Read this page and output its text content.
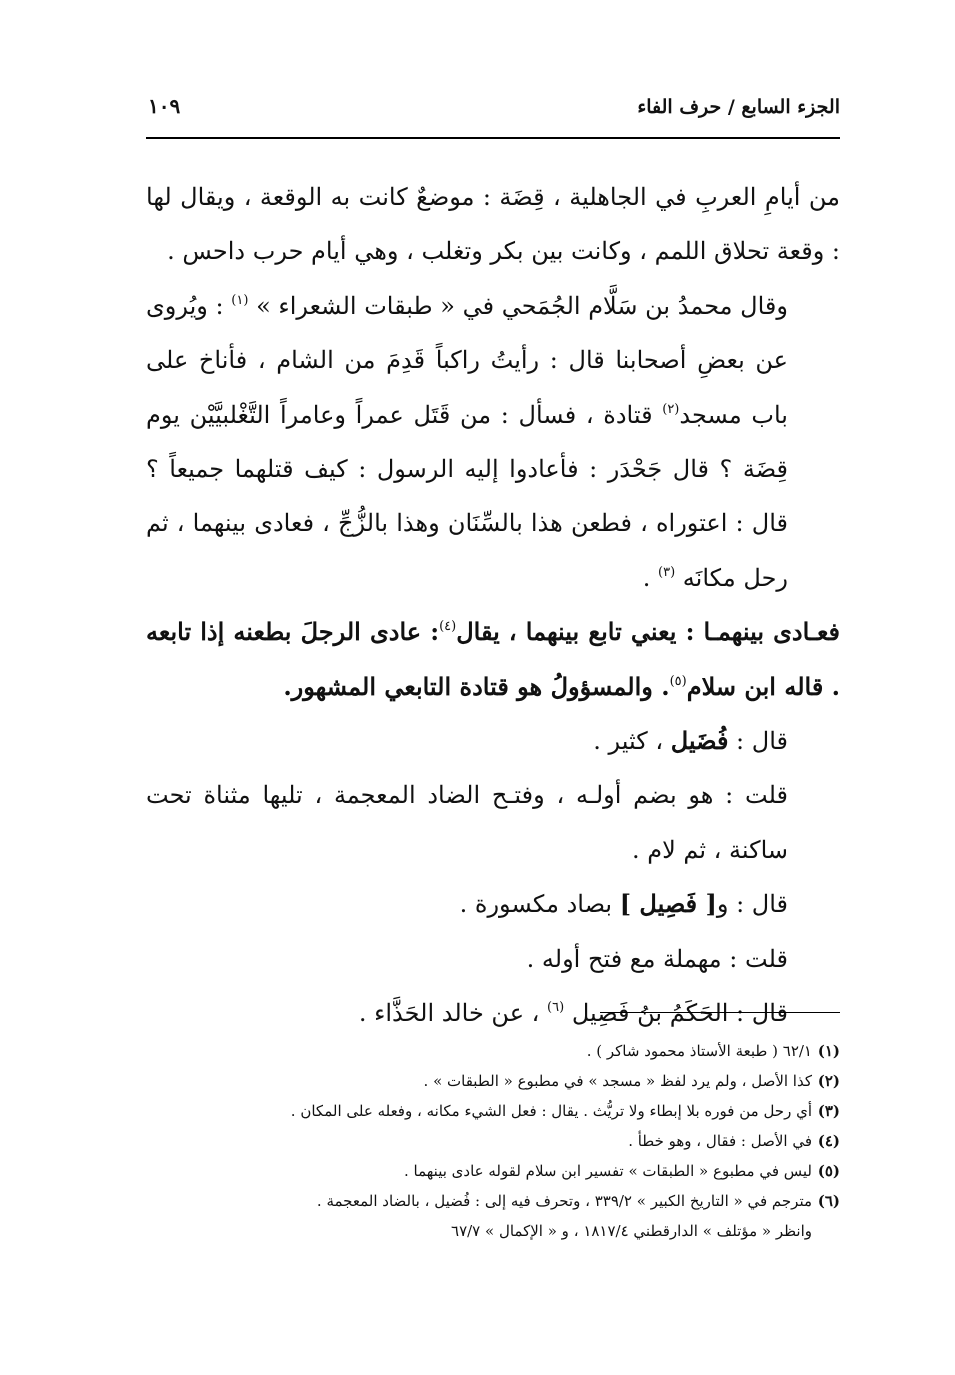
الجزء السابع / حرف الفاء
١٠٩

من أيامِ العربِ في الجاهلية ، قِضَة : موضعٌ كانت به الوقعة ، ويقال لها : وقعة تحلاق اللمم ، وكانت بين بكر وتغلب ، وهي أيام حرب داحس .

وقال محمدُ بن سَلَّام الجُمَحي في « طبقات الشعراء » $^{(١)}$ : ويُروى عن بعضِ أصحابنا قال : رأيتُ راكباً قَدِمَ من الشام ، فأناخ على باب مسجد$^{(٢)}$ قتادة ، فسأل : من قَتَل عمراً وعامراً التَّغْلبيَّيْن يوم قِضَة ؟ قال جَحْدَر : فأعادوا إليه الرسول : كيف قتلهما جميعاً ؟ قال : اعتوراه ، فطعن هذا بالسِّنَان وهذا بالزُّجِّ ، فعادى بينهما ، ثم رحل مكانَه $^{(٣)}$ .

فعـادى بينهمـا : يعني تابع بينهما ، يقال$^{(٤)}$: عادى الرجلَ بطعنه إذا تابعه . قاله ابن سلام$^{(٥)}$. والمسؤولُ هو قتادة التابعي المشهور.

قال : فُضَيل ، كثير .

قلت : هو بضم أولـه ، وفتـح الضاد المعجمة ، تليها مثناة تحت ساكنة ، ثم لام .

قال : و[ فَصِيل ] بصاد مكسورة .

قلت : مهملة مع فتح أوله .

قال : الحَكَمُ بنُ فَصِيل $^{(٦)}$ ، عن خالد الحَذَّاء .

(١)٦٢/١ ( طبعة الأستاذ محمود شاكر ) .

(٢)كذا الأصل ، ولم يرد لفظ « مسجد » في مطبوع « الطبقات » .

(٣)أي رحل من فوره بلا إبطاء ولا تريُّث . يقال : فعل الشيء مكانه ، وفعله على المكان .

(٤)في الأصل : فقال ، وهو خطأ .

(٥)ليس في مطبوع « الطبقات » تفسير ابن سلام لقوله عادى بينهما .

(٦)مترجم في « التاريخ الكبير » ٣٣٩/٢ ، وتحرف فيه إلى : فُضيل ، بالضاد المعجمة .

وانظر « مؤتلف » الدارقطني ١٨١٧/٤ ، و « الإكمال » ٦٧/٧
